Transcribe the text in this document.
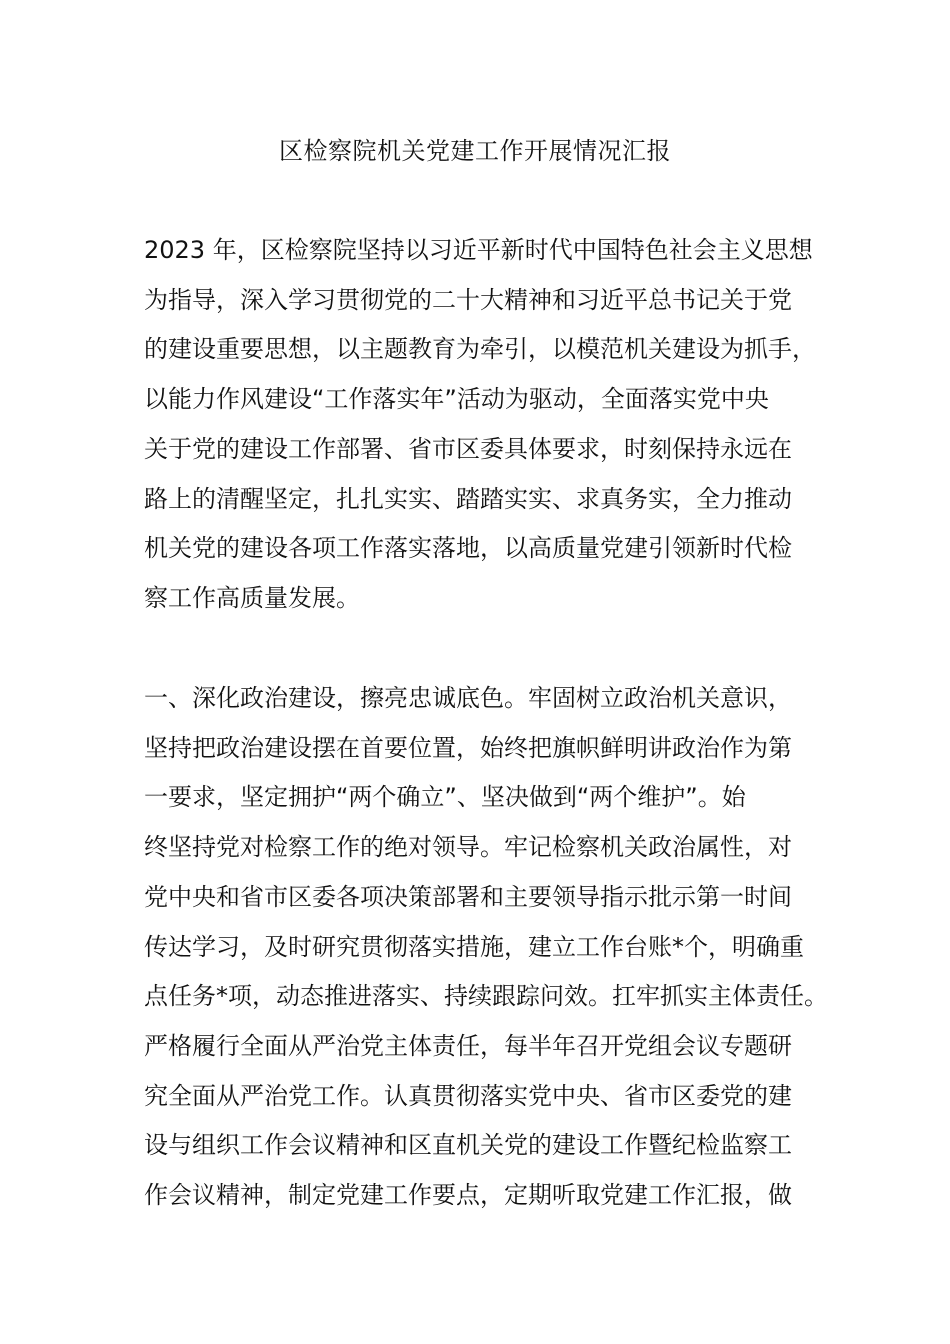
区检察院机关党建工作开展情况汇报
2023 年，区检察院坚持以习近平新时代中国特色社会主义思想
为指导，深入学习贯彻党的二十大精神和习近平总书记关于党
的建设重要思想，以主题教育为牵引，以模范机关建设为抓手，
以能力作风建设“工作落实年”活动为驱动，全面落实党中央
关于党的建设工作部署、省市区委具体要求，时刻保持永远在
路上的清醒坚定，扎扎实实、踏踏实实、求真务实，全力推动
机关党的建设各项工作落实落地，以高质量党建引领新时代检
察工作高质量发展。
一、深化政治建设，擦亮忠诚底色。牢固树立政治机关意识，
坚持把政治建设摆在首要位置，始终把旗帜鲜明讲政治作为第
一要求，坚定拥护“两个确立”、坚决做到“两个维护”。始
终坚持党对检察工作的绝对领导。牢记检察机关政治属性，对
党中央和省市区委各项决策部署和主要领导指示批示第一时间
传达学习，及时研究贯彻落实措施，建立工作台账*个，明确重
点任务*项，动态推进落实、持续跟踪问效。扛牢抓实主体责任。
严格履行全面从严治党主体责任，每半年召开党组会议专题研
究全面从严治党工作。认真贯彻落实党中央、省市区委党的建
设与组织工作会议精神和区直机关党的建设工作暨纪检监察工
作会议精神，制定党建工作要点，定期听取党建工作汇报，做
